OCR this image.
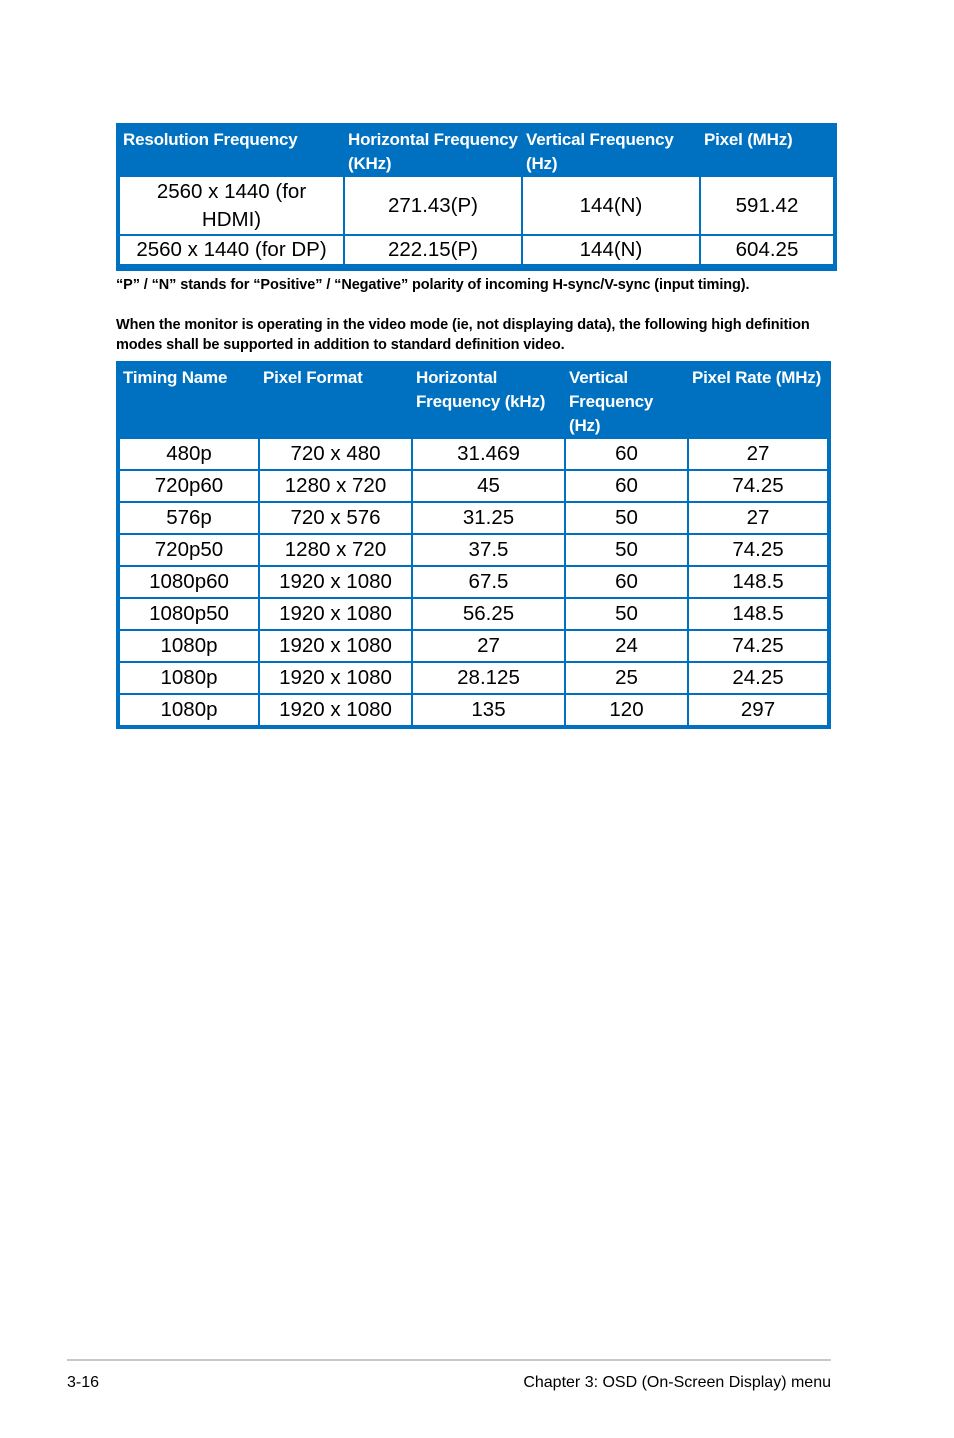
Resolution Frequency	Horizontal Frequency (KHz)	Vertical Frequency (Hz)	Pixel (MHz)
2560 x 1440 (for HDMI)	271.43(P)	144(N)	591.42
2560 x 1440 (for DP)	222.15(P)	144(N)	604.25
“P” / “N” stands for “Positive” / “Negative” polarity of incoming H-sync/V-sync (input timing).
When the monitor is operating in the video mode (ie, not displaying data), the following high definition modes shall be supported in addition to standard definition video.
Timing Name	Pixel Format	Horizontal Frequency (kHz)	Vertical Frequency (Hz)	Pixel Rate (MHz)
480p	720 x 480	31.469	60	27
720p60	1280 x 720	45	60	74.25
576p	720 x 576	31.25	50	27
720p50	1280 x 720	37.5	50	74.25
1080p60	1920 x 1080	67.5	60	148.5
1080p50	1920 x 1080	56.25	50	148.5
1080p	1920 x 1080	27	24	74.25
1080p	1920 x 1080	28.125	25	24.25
1080p	1920 x 1080	135	120	297
3-16	Chapter 3: OSD (On-Screen Display) menu
